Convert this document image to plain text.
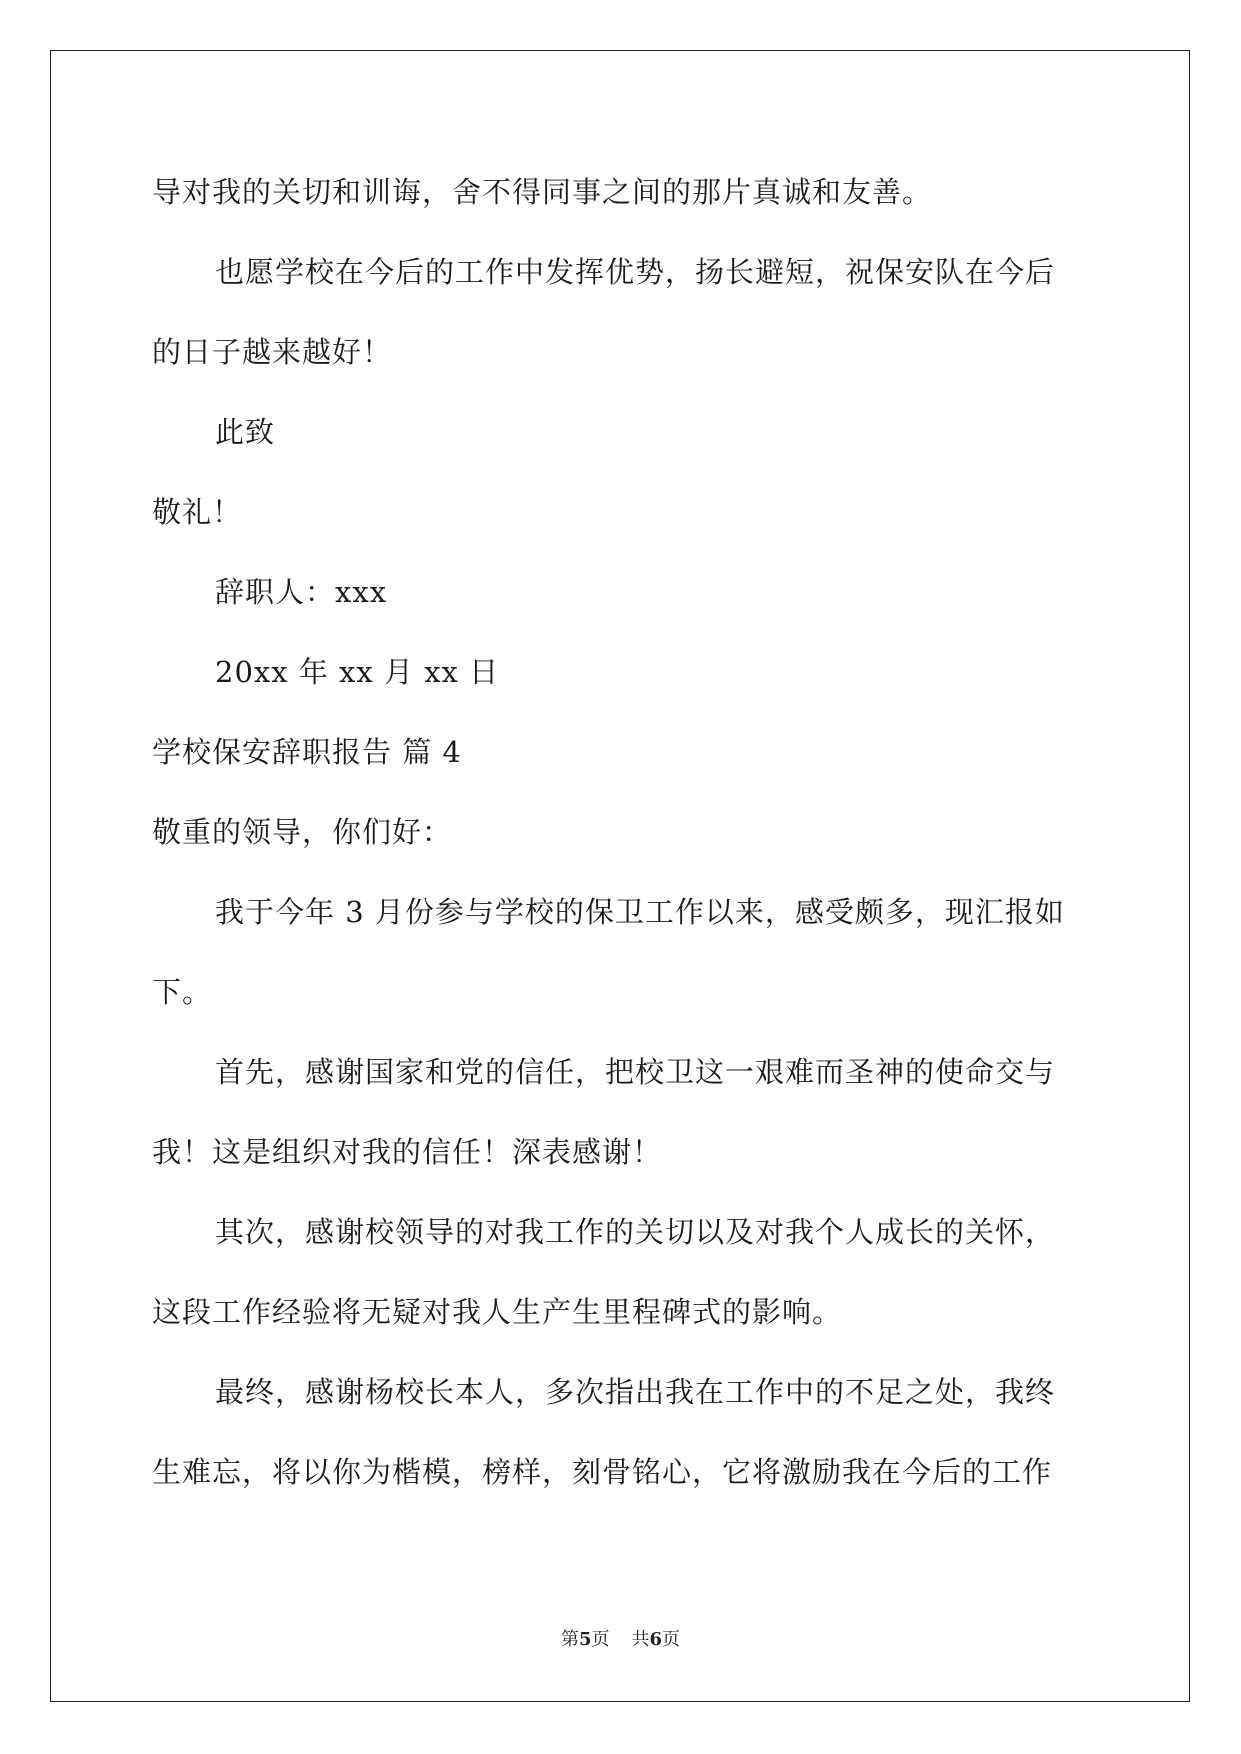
导对我的关切和训诲，舍不得同事之间的那片真诚和友善。

也愿学校在今后的工作中发挥优势，扬长避短，祝保安队在今后

的日子越来越好！

此致

敬礼！

辞职人：xxx

20xx 年 xx 月 xx 日

学校保安辞职报告 篇 4

敬重的领导，你们好：

我于今年 3 月份参与学校的保卫工作以来，感受颇多，现汇报如

下。

首先，感谢国家和党的信任，把校卫这一艰难而圣神的使命交与

我！这是组织对我的信任！深表感谢！

其次，感谢校领导的对我工作的关切以及对我个人成长的关怀，

这段工作经验将无疑对我人生产生里程碑式的影响。

最终，感谢杨校长本人，多次指出我在工作中的不足之处，我终

生难忘，将以你为楷模，榜样，刻骨铭心，它将激励我在今后的工作

第5页 共6页
